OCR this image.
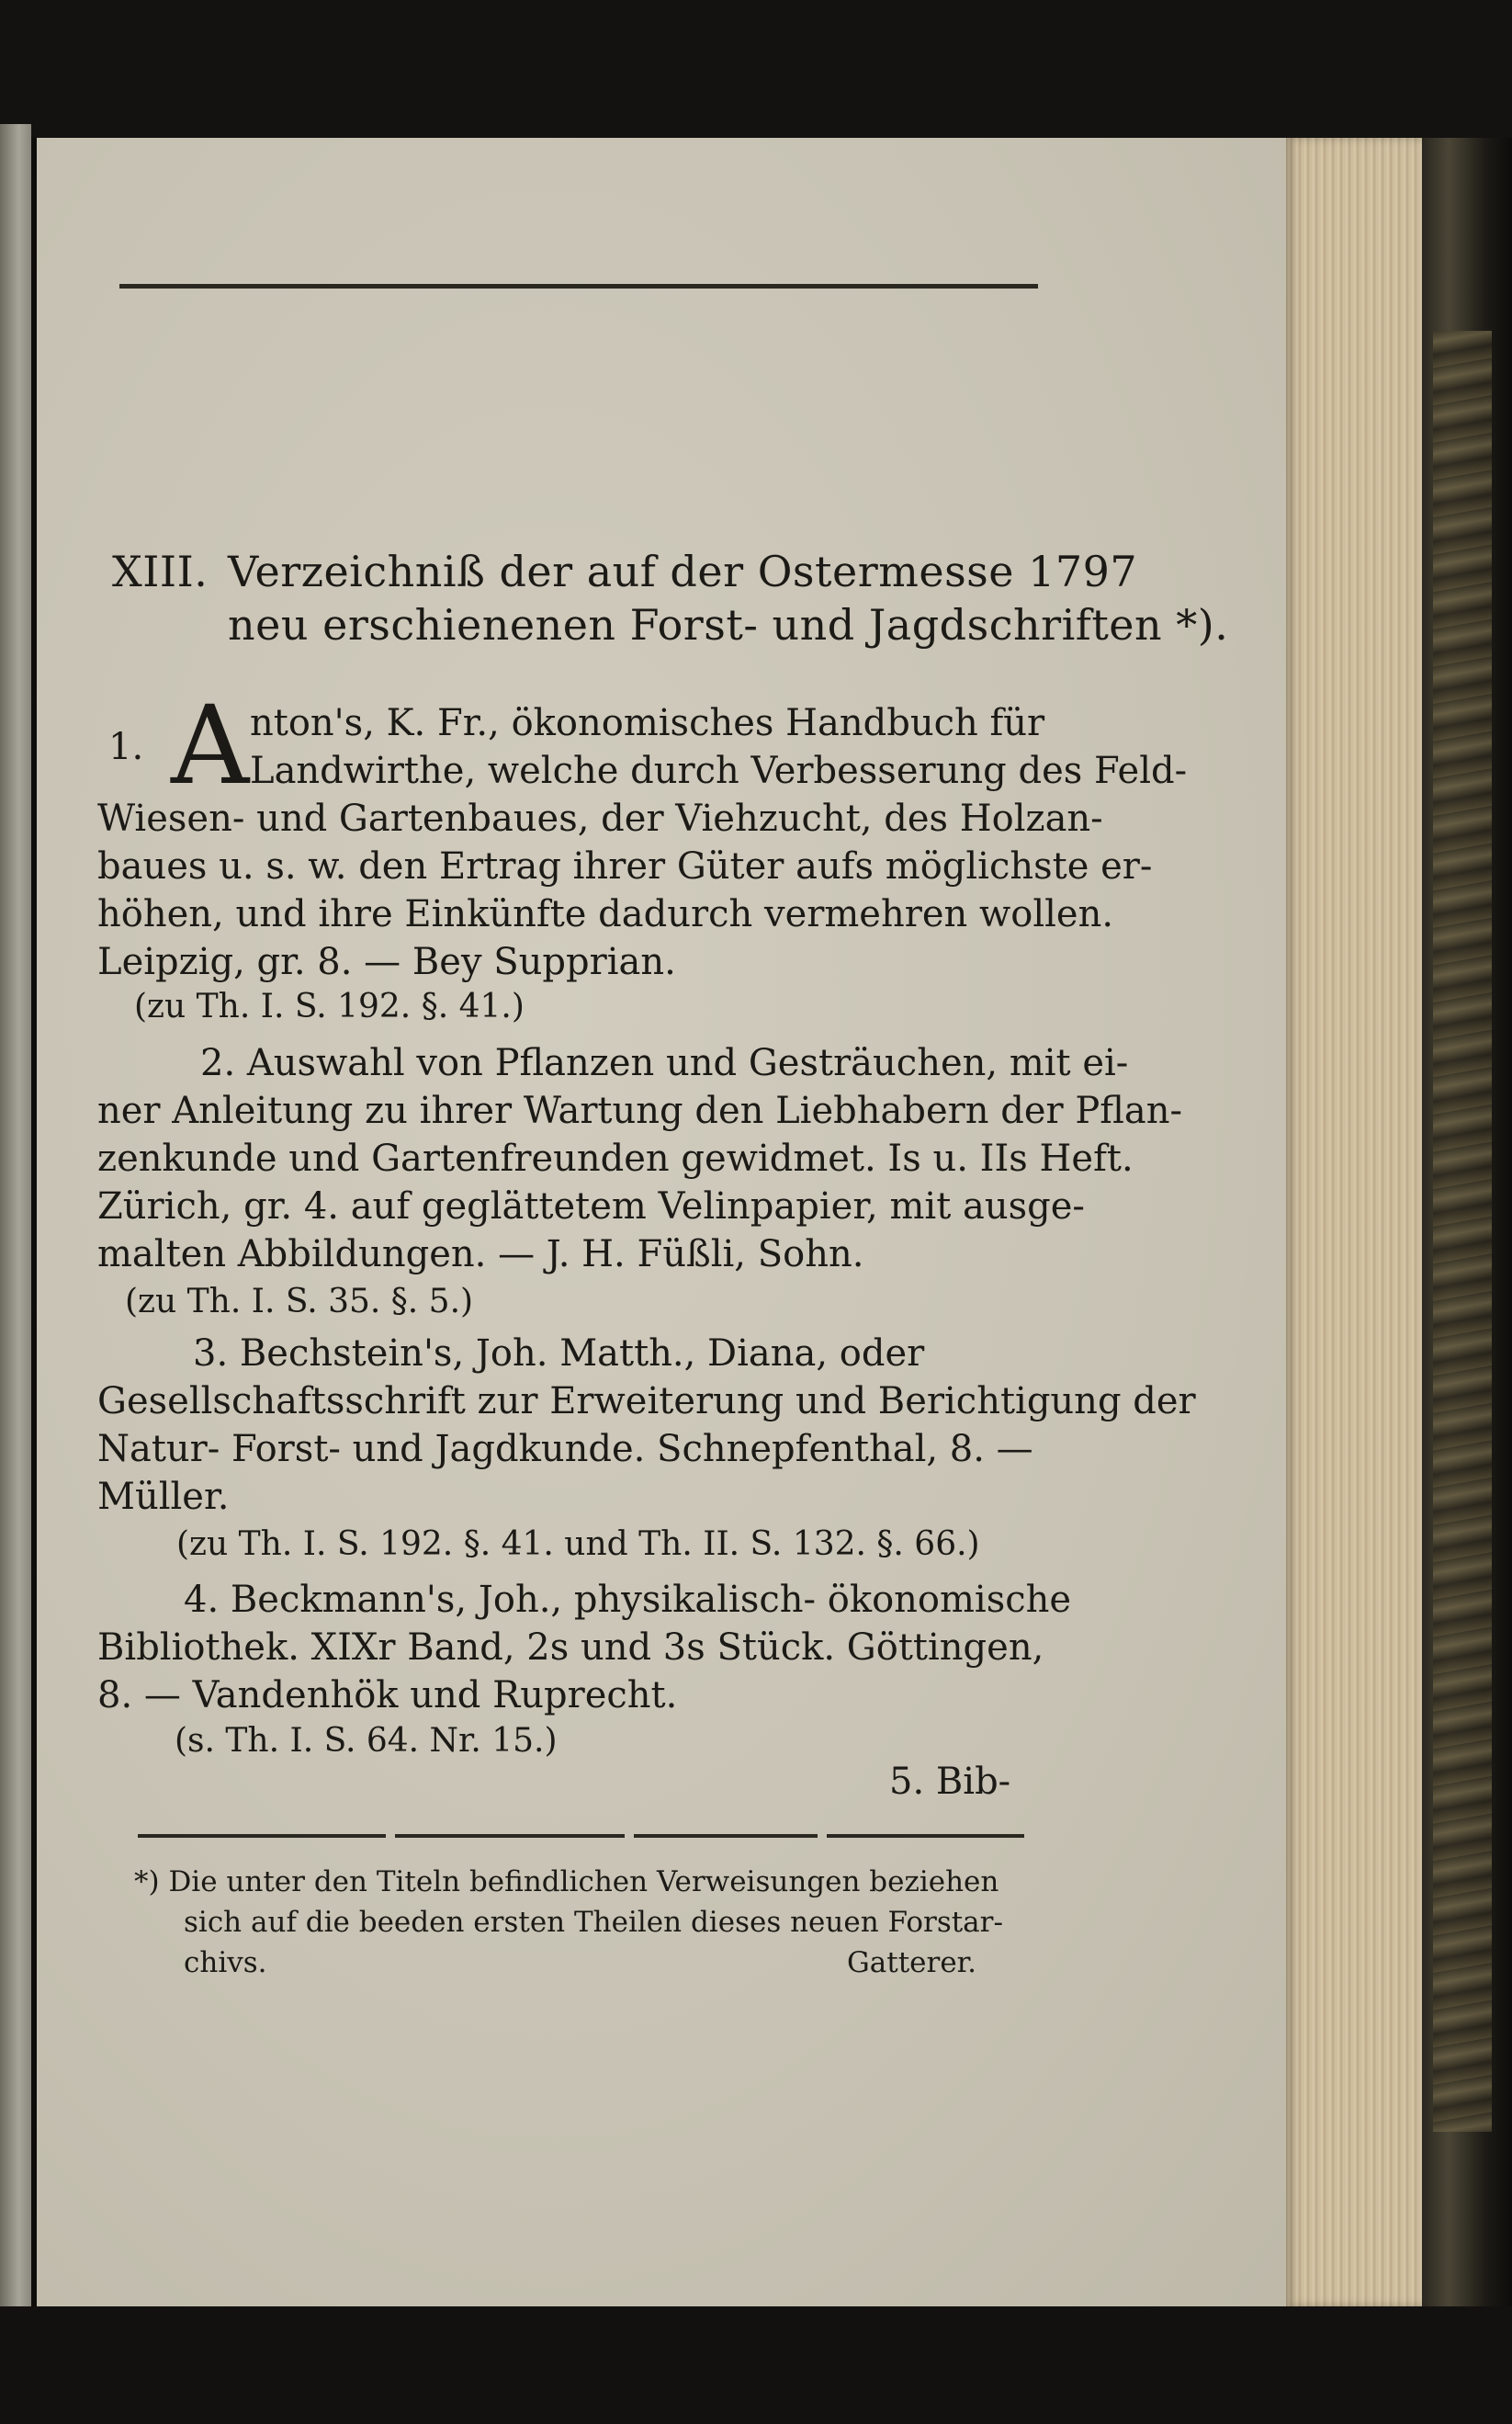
XIII. Verzeichniß der auf der Ostermesse 1797
neu erschienenen Forst- und Jagdschriften *).
1. A nton's, K. Fr., ökonomisches Handbuch für
Landwirthe, welche durch Verbesserung des Feld-
Wiesen- und Gartenbaues, der Viehzucht, des Holzan-
baues u. s. w. den Ertrag ihrer Güter aufs möglichste er-
höhen, und ihre Einkünfte dadurch vermehren wollen.
Leipzig, gr. 8. — Bey Supprian.
(zu Th. I. S. 192. §. 41.)
2. Auswahl von Pflanzen und Gesträuchen, mit ei-
ner Anleitung zu ihrer Wartung den Liebhabern der Pflan-
zenkunde und Gartenfreunden gewidmet. Is u. IIs Heft.
Zürich, gr. 4. auf geglättetem Velinpapier, mit ausge-
malten Abbildungen. — J. H. Füßli, Sohn.
(zu Th. I. S. 35. §. 5.)
3. Bechstein's, Joh. Matth., Diana, oder
Gesellschaftsschrift zur Erweiterung und Berichtigung der
Natur- Forst- und Jagdkunde. Schnepfenthal, 8. —
Müller.
(zu Th. I. S. 192. §. 41. und Th. II. S. 132. §. 66.)
4. Beckmann's, Joh., physikalisch- ökonomische
Bibliothek. XIXr Band, 2s und 3s Stück. Göttingen,
8. — Vandenhök und Ruprecht.
(s. Th. I. S. 64. Nr. 15.)
5. Bib-
*) Die unter den Titeln befindlichen Verweisungen beziehen
sich auf die beeden ersten Theilen dieses neuen Forstar-
chivs.	Gatterer.
